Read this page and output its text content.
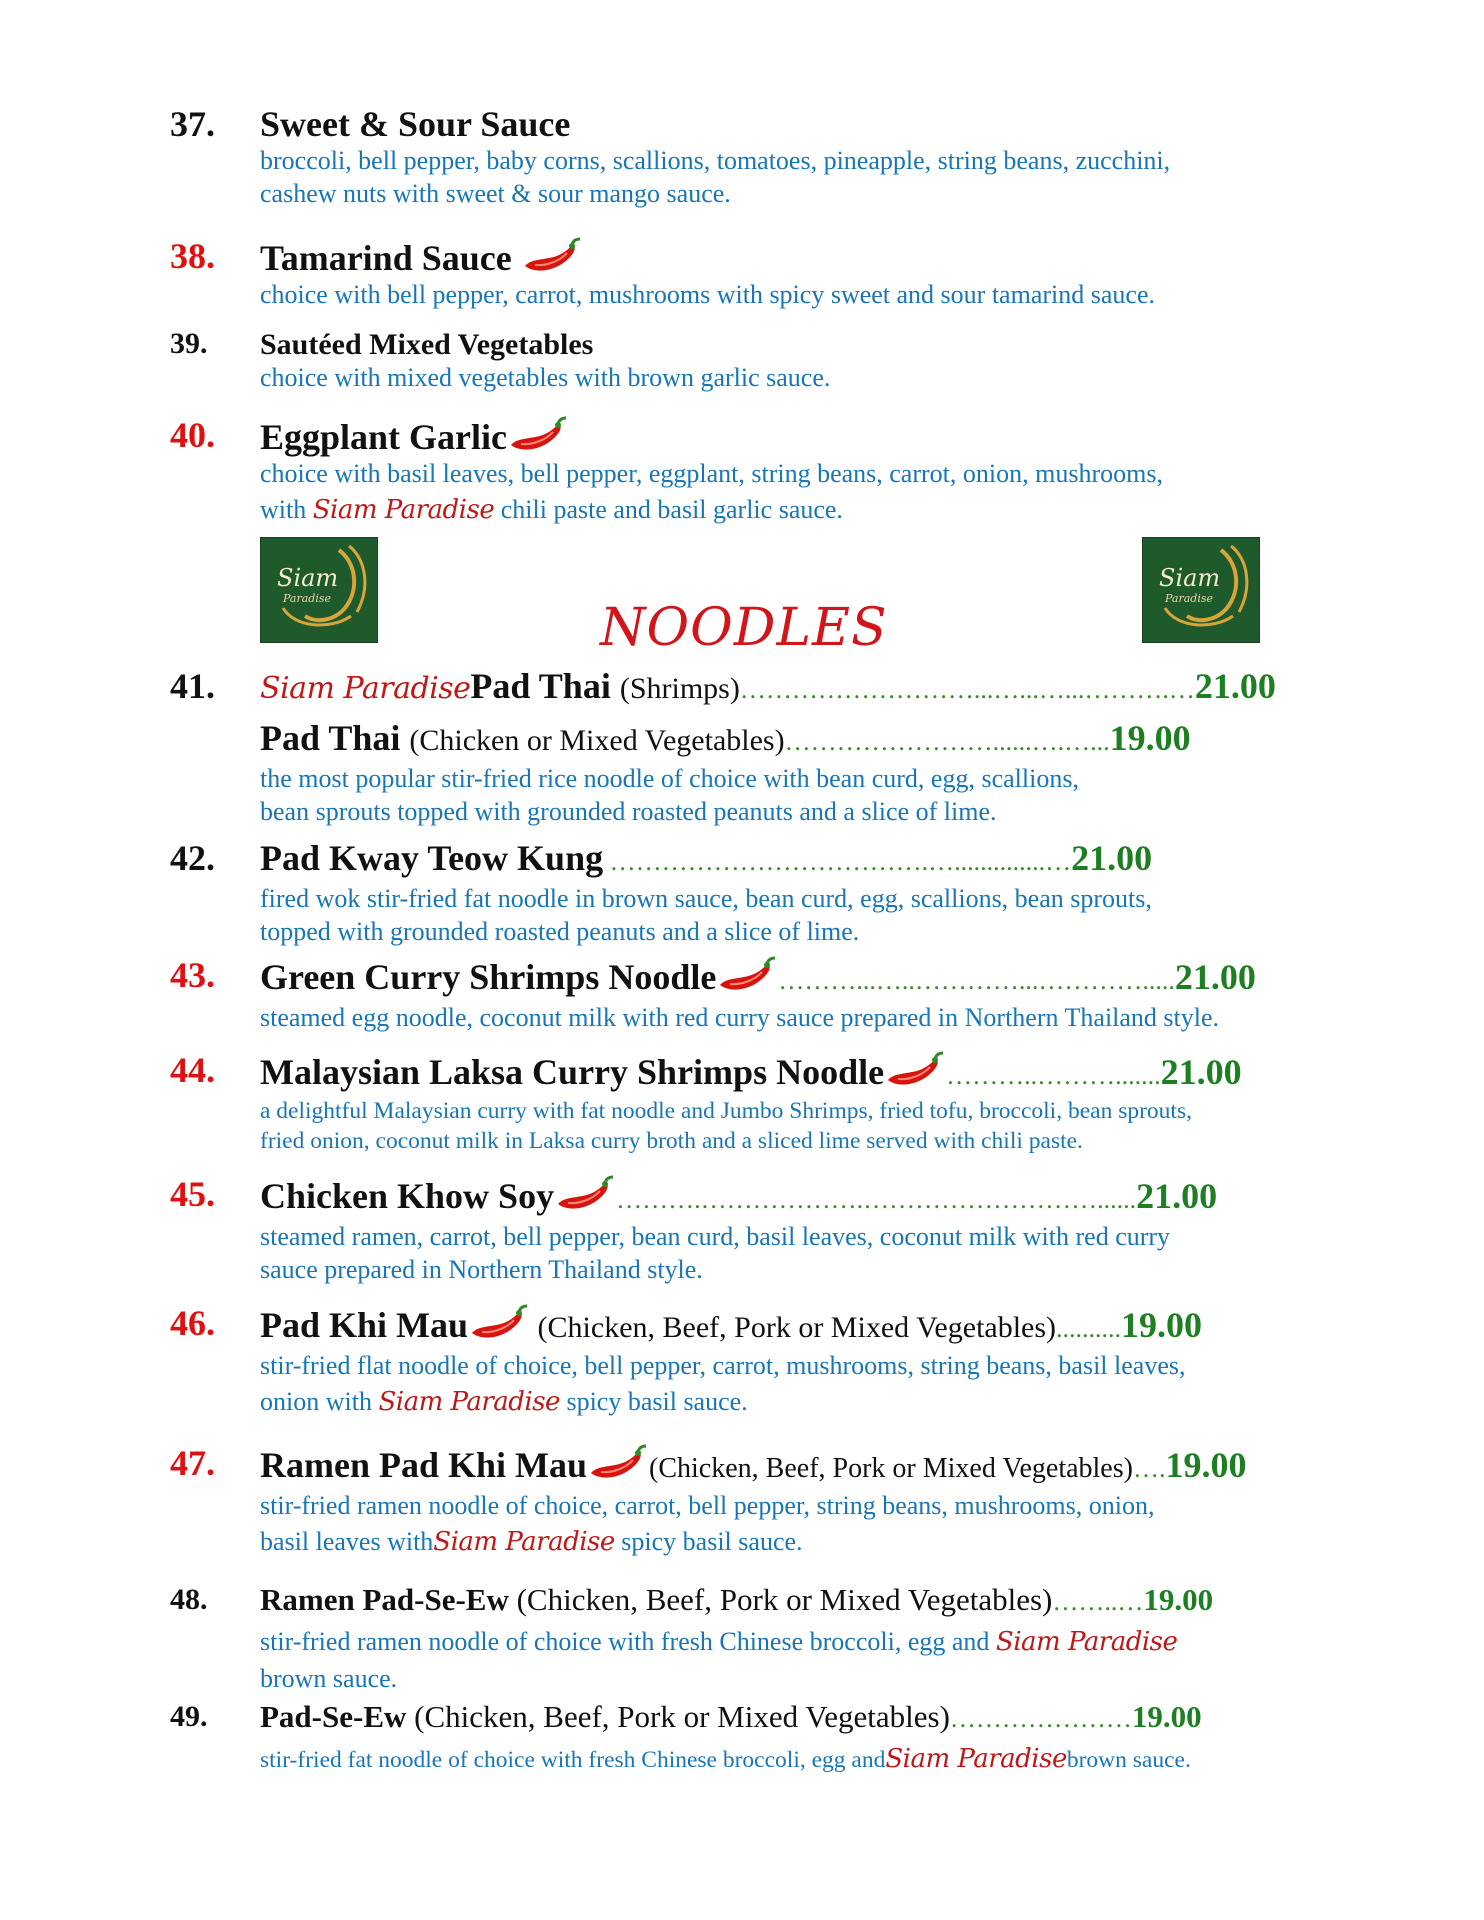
37. Sweet & Sour Sauce
broccoli, bell pepper, baby corns, scallions, tomatoes, pineapple, string beans, zucchini,
cashew nuts with sweet & sour mango sauce.
38. Tamarind Sauce
choice with bell pepper, carrot, mushrooms with spicy sweet and sour tamarind sauce.
39. Sautéed Mixed Vegetables
choice with mixed vegetables with brown garlic sauce.
40. Eggplant Garlic
choice with basil leaves, bell pepper, eggplant, string beans, carrot, onion, mushrooms,
with Siam Paradise chili paste and basil garlic sauce.
Siam
Paradise	NOODLES
Siam
Paradise
41. Siam ParadisePad Thai (Shrimps)………………………...…...…...……….…21.00
Pad Thai (Chicken or Mixed Vegetables)……………………......….…...19.00
the most popular stir-fried rice noodle of choice with bean curd, egg, scallions,
bean sprouts topped with grounded roasted peanuts and a slice of lime.
42. Pad Kway Teow Kung ……………………………….…..............…21.00
fired wok stir-fried fat noodle in brown sauce, bean curd, egg, scallions, bean sprouts,
topped with grounded roasted peanuts and a slice of lime.
43. Green Curry Shrimps Noodle ………...…..…………...………….....21.00
steamed egg noodle, coconut milk with red curry sauce prepared in Northern Thailand style.
44. Malaysian Laksa Curry Shrimps Noodle ………..……….......21.00
a delightful Malaysian curry with fat noodle and Jumbo Shrimps, fried tofu, broccoli, bean sprouts,
fried onion, coconut milk in Laksa curry broth and a sliced lime served with chili paste.
45. Chicken Khow Soy ……….……………….………………………......21.00
steamed ramen, carrot, bell pepper, bean curd, basil leaves, coconut milk with red curry
sauce prepared in Northern Thailand style.
46. Pad Khi Mau (Chicken, Beef, Pork or Mixed Vegetables)..........19.00
stir-fried flat noodle of choice, bell pepper, carrot, mushrooms, string beans, basil leaves,
onion with Siam Paradise spicy basil sauce.
47. Ramen Pad Khi Mau (Chicken, Beef, Pork or Mixed Vegetables)….19.00
stir-fried ramen noodle of choice, carrot, bell pepper, string beans, mushrooms, onion,
basil leaves withSiam Paradise spicy basil sauce.
48. Ramen Pad-Se-Ew (Chicken, Beef, Pork or Mixed Vegetables)……..…19.00
stir-fried ramen noodle of choice with fresh Chinese broccoli, egg and Siam Paradise
brown sauce.
49. Pad-Se-Ew (Chicken, Beef, Pork or Mixed Vegetables)…………………19.00
stir-fried fat noodle of choice with fresh Chinese broccoli, egg andSiam Paradisebrown sauce.
